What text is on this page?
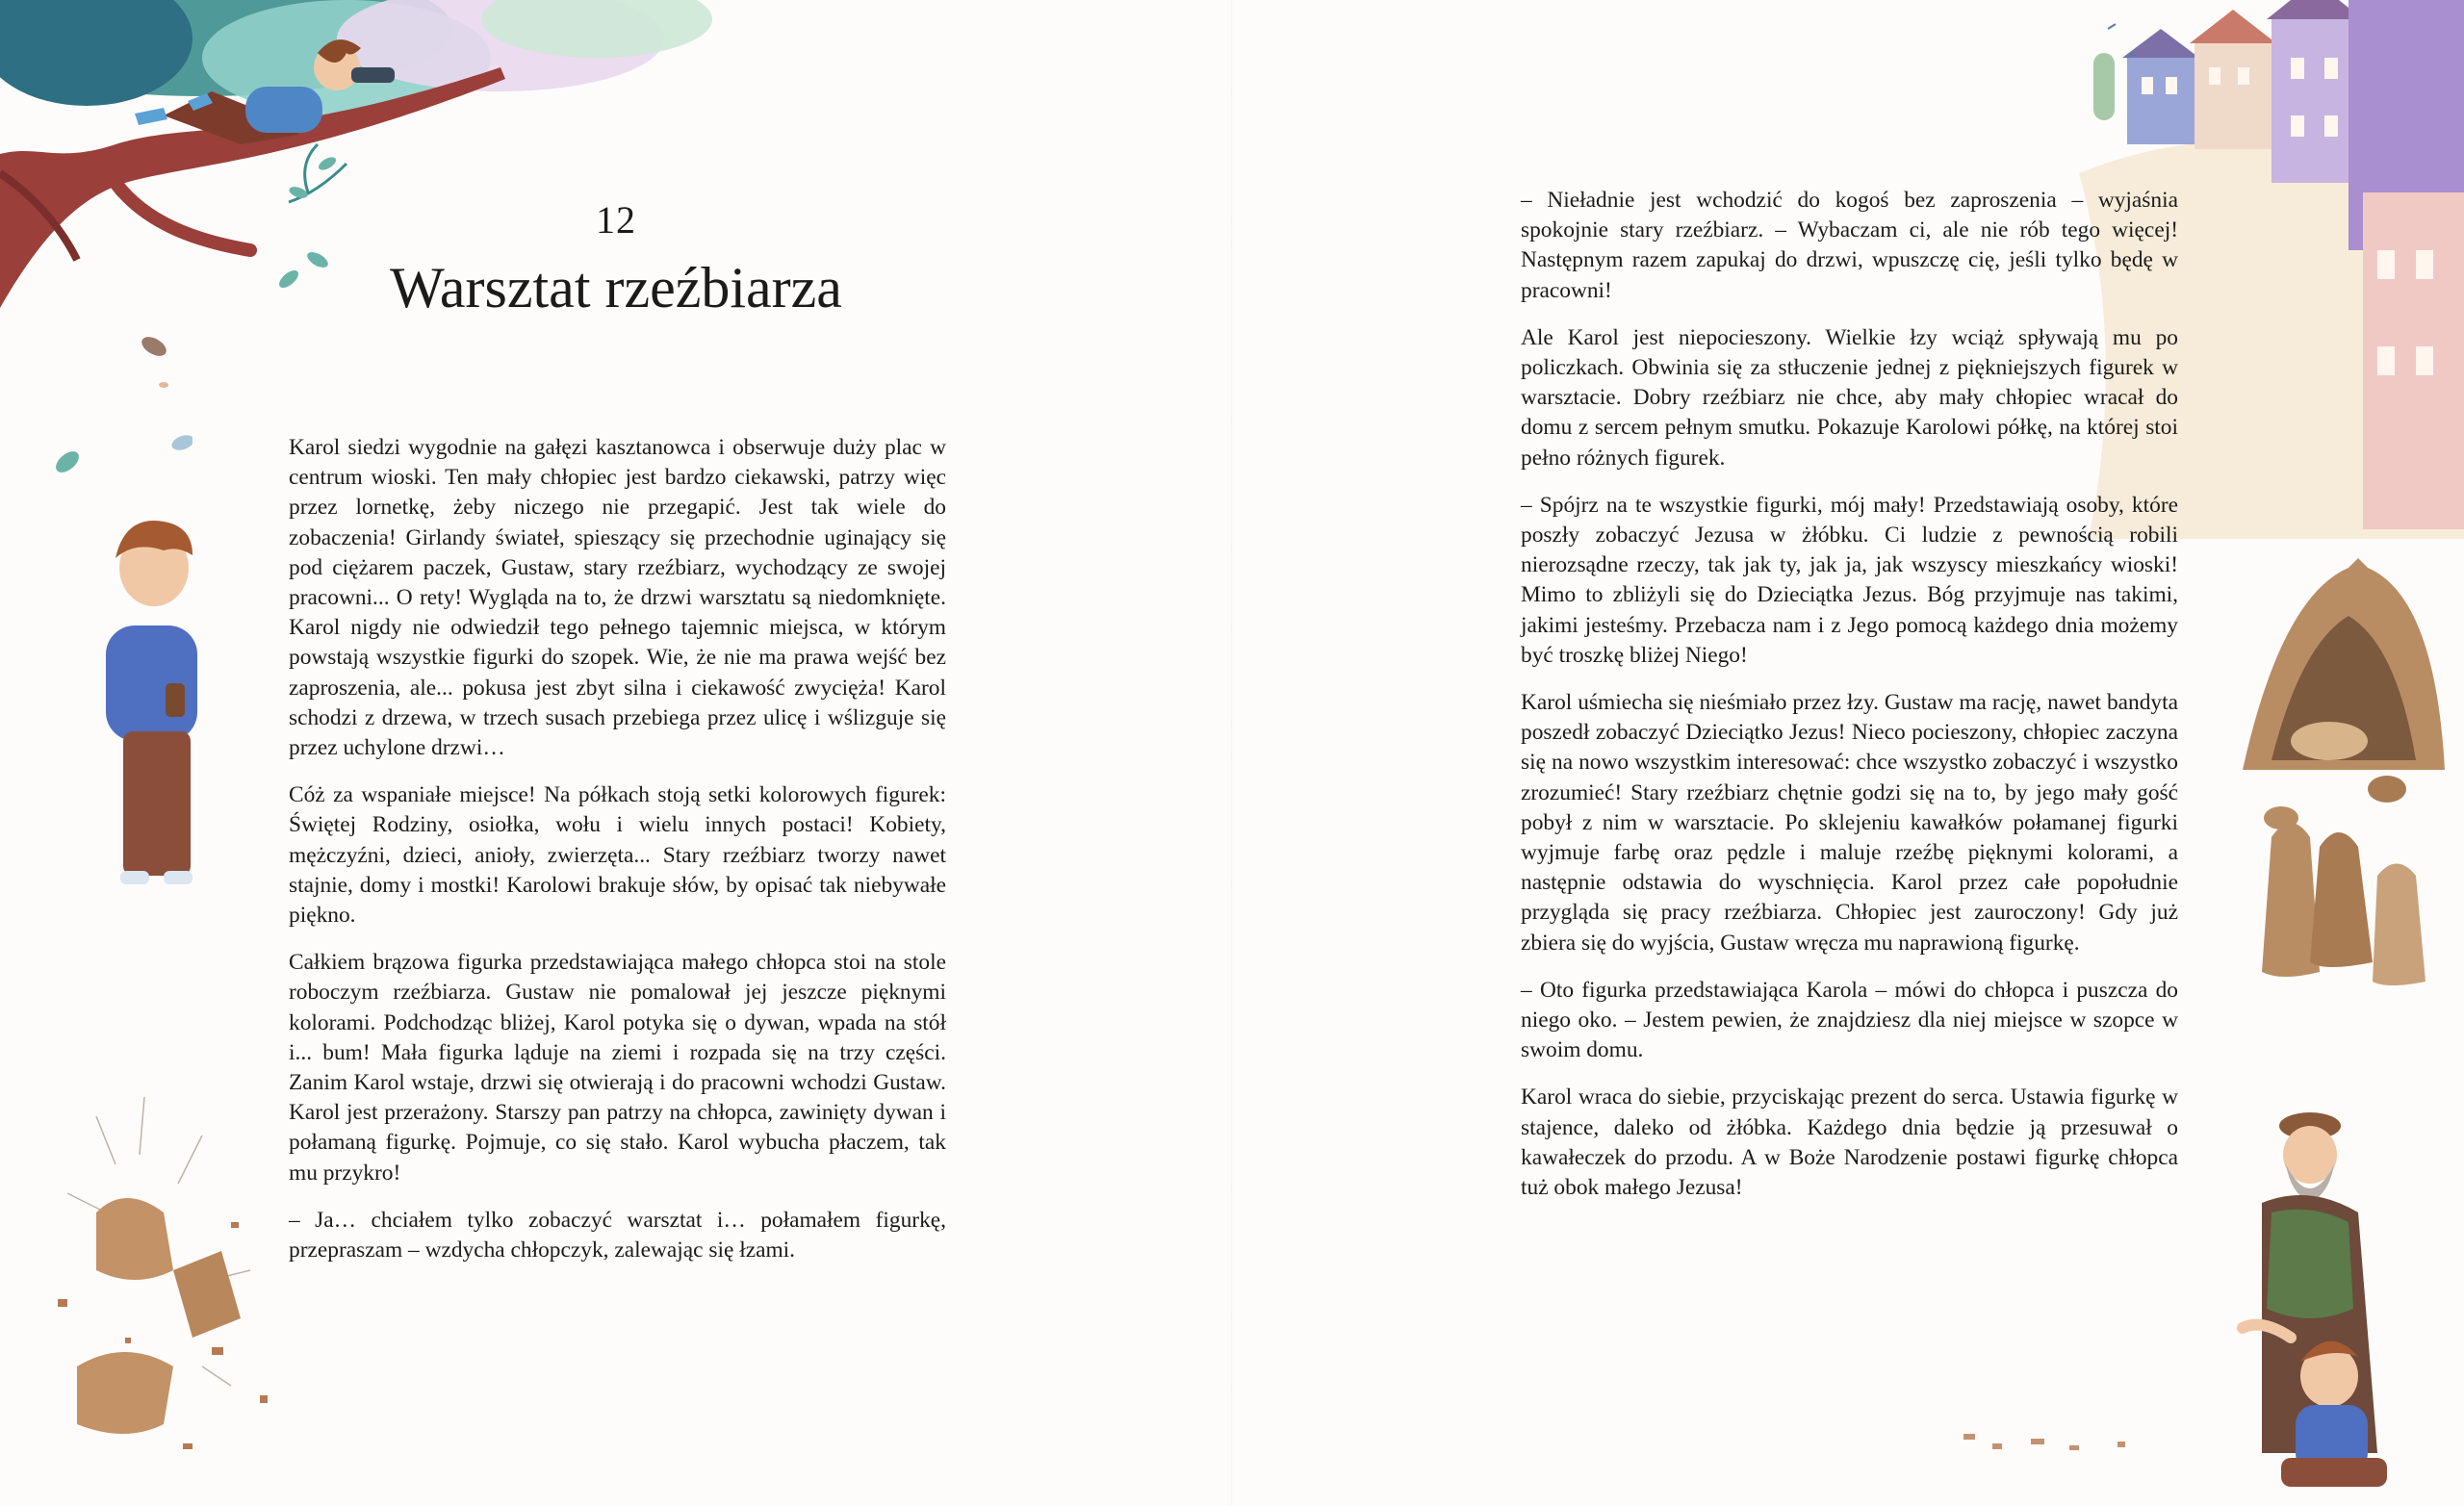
12
Warsztat rzeźbiarza

Karol siedzi wygodnie na gałęzi kasztanowca i obserwuje duży plac w centrum wioski. Ten mały chłopiec jest bardzo ciekawski, patrzy więc przez lornetkę, żeby niczego nie przegapić. Jest tak wiele do zobaczenia! Girlandy świateł, spieszący się przechodnie uginający się pod ciężarem paczek, Gustaw, stary rzeźbiarz, wychodzący ze swojej pracowni... O rety! Wygląda na to, że drzwi warsztatu są niedomknięte. Karol nigdy nie odwiedził tego pełnego tajemnic miejsca, w którym powstają wszystkie figurki do szopek. Wie, że nie ma prawa wejść bez zaproszenia, ale... pokusa jest zbyt silna i ciekawość zwycięża! Karol schodzi z drzewa, w trzech susach przebiega przez ulicę i wślizguje się przez uchylone drzwi…

Cóż za wspaniałe miejsce! Na półkach stoją setki kolorowych figurek: Świętej Rodziny, osiołka, wołu i wielu innych postaci! Kobiety, mężczyźni, dzieci, anioły, zwierzęta... Stary rzeźbiarz tworzy nawet stajnie, domy i mostki! Karolowi brakuje słów, by opisać tak niebywałe piękno.

Całkiem brązowa figurka przedstawiająca małego chłopca stoi na stole roboczym rzeźbiarza. Gustaw nie pomalował jej jeszcze pięknymi kolorami. Podchodząc bliżej, Karol potyka się o dywan, wpada na stół i... bum! Mała figurka ląduje na ziemi i rozpada się na trzy części. Zanim Karol wstaje, drzwi się otwierają i do pracowni wchodzi Gustaw. Karol jest przerażony. Starszy pan patrzy na chłopca, zawinięty dywan i połamaną figurkę. Pojmuje, co się stało. Karol wybucha płaczem, tak mu przykro!

– Ja… chciałem tylko zobaczyć warsztat i… połamałem figurkę, przepraszam – wzdycha chłopczyk, zalewając się łzami.

– Nieładnie jest wchodzić do kogoś bez zaproszenia – wyjaśnia spokojnie stary rzeźbiarz. – Wybaczam ci, ale nie rób tego więcej! Następnym razem zapukaj do drzwi, wpuszczę cię, jeśli tylko będę w pracowni!

Ale Karol jest niepocieszony. Wielkie łzy wciąż spływają mu po policzkach. Obwinia się za stłuczenie jednej z piękniejszych figurek w warsztacie. Dobry rzeźbiarz nie chce, aby mały chłopiec wracał do domu z sercem pełnym smutku. Pokazuje Karolowi półkę, na której stoi pełno różnych figurek.

– Spójrz na te wszystkie figurki, mój mały! Przedstawiają osoby, które poszły zobaczyć Jezusa w żłóbku. Ci ludzie z pewnością robili nierozsądne rzeczy, tak jak ty, jak ja, jak wszyscy mieszkańcy wioski! Mimo to zbliżyli się do Dzieciątka Jezus. Bóg przyjmuje nas takimi, jakimi jesteśmy. Przebacza nam i z Jego pomocą każdego dnia możemy być troszkę bliżej Niego!

Karol uśmiecha się nieśmiało przez łzy. Gustaw ma rację, nawet bandyta poszedł zobaczyć Dzieciątko Jezus! Nieco pocieszony, chłopiec zaczyna się na nowo wszystkim interesować: chce wszystko zobaczyć i wszystko zrozumieć! Stary rzeźbiarz chętnie godzi się na to, by jego mały gość pobył z nim w warsztacie. Po sklejeniu kawałków połamanej figurki wyjmuje farbę oraz pędzle i maluje rzeźbę pięknymi kolorami, a następnie odstawia do wyschnięcia. Karol przez całe popołudnie przygląda się pracy rzeźbiarza. Chłopiec jest zauroczony! Gdy już zbiera się do wyjścia, Gustaw wręcza mu naprawioną figurkę.

– Oto figurka przedstawiająca Karola – mówi do chłopca i puszcza do niego oko. – Jestem pewien, że znajdziesz dla niej miejsce w szopce w swoim domu.

Karol wraca do siebie, przyciskając prezent do serca. Ustawia figurkę w stajence, daleko od żłóbka. Każdego dnia będzie ją przesuwał o kawałeczek do przodu. A w Boże Narodzenie postawi figurkę chłopca tuż obok małego Jezusa!
